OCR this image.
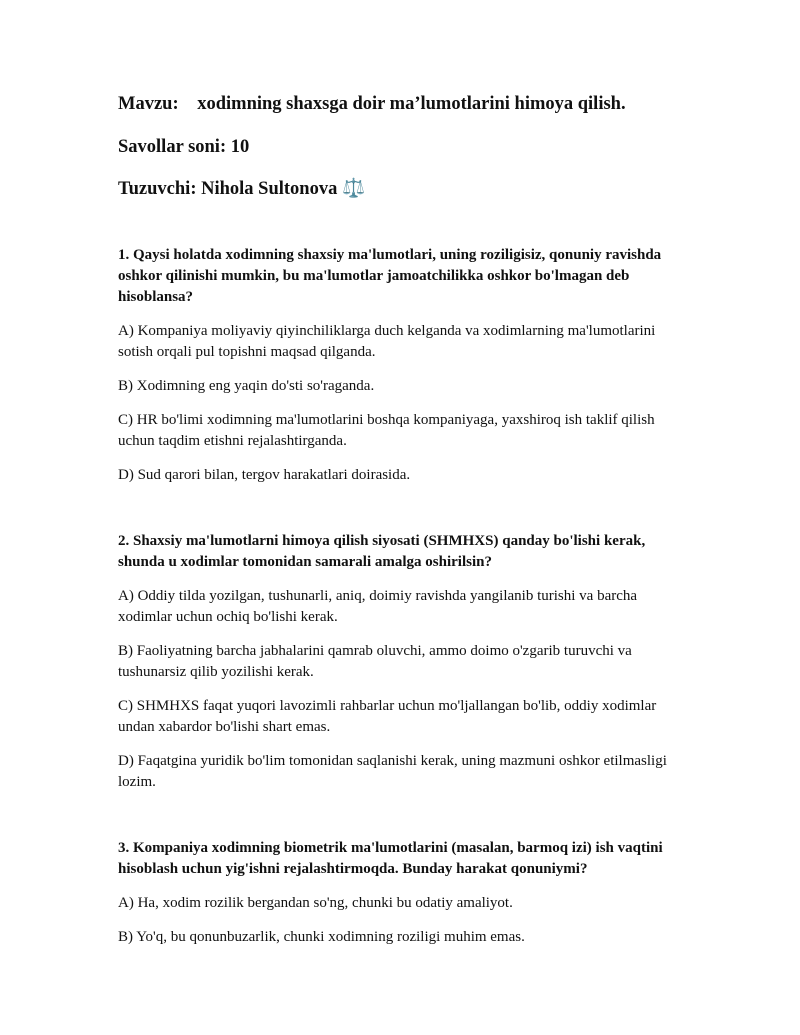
Mavzu: xodimning shaxsga doir ma’lumotlarini himoya qilish.

Savollar soni: 10

Tuzuvchi: Nihola Sultonova ⚖️

1. Qaysi holatda xodimning shaxsiy ma'lumotlari, uning roziligisiz, qonuniy ravishda oshkor qilinishi mumkin, bu ma'lumotlar jamoatchilikka oshkor bo'lmagan deb hisoblansa?

A) Kompaniya moliyaviy qiyinchiliklarga duch kelganda va xodimlarning ma'lumotlarini sotish orqali pul topishni maqsad qilganda.

B) Xodimning eng yaqin do'sti so'raganda.

C) HR bo'limi xodimning ma'lumotlarini boshqa kompaniyaga, yaxshiroq ish taklif qilish uchun taqdim etishni rejalashtirganda.

D) Sud qarori bilan, tergov harakatlari doirasida.

2. Shaxsiy ma'lumotlarni himoya qilish siyosati (SHMHXS) qanday bo'lishi kerak, shunda u xodimlar tomonidan samarali amalga oshirilsin?

A) Oddiy tilda yozilgan, tushunarli, aniq, doimiy ravishda yangilanib turishi va barcha xodimlar uchun ochiq bo'lishi kerak.

B) Faoliyatning barcha jabhalarini qamrab oluvchi, ammo doimo o'zgarib turuvchi va tushunarsiz qilib yozilishi kerak.

C) SHMHXS faqat yuqori lavozimli rahbarlar uchun mo'ljallangan bo'lib, oddiy xodimlar undan xabardor bo'lishi shart emas.

D) Faqatgina yuridik bo'lim tomonidan saqlanishi kerak, uning mazmuni oshkor etilmasligi lozim.

3. Kompaniya xodimning biometrik ma'lumotlarini (masalan, barmoq izi) ish vaqtini hisoblash uchun yig'ishni rejalashtirmoqda. Bunday harakat qonuniymi?

A) Ha, xodim rozilik bergandan so'ng, chunki bu odatiy amaliyot.

B) Yo'q, bu qonunbuzarlik, chunki xodimning roziligi muhim emas.
